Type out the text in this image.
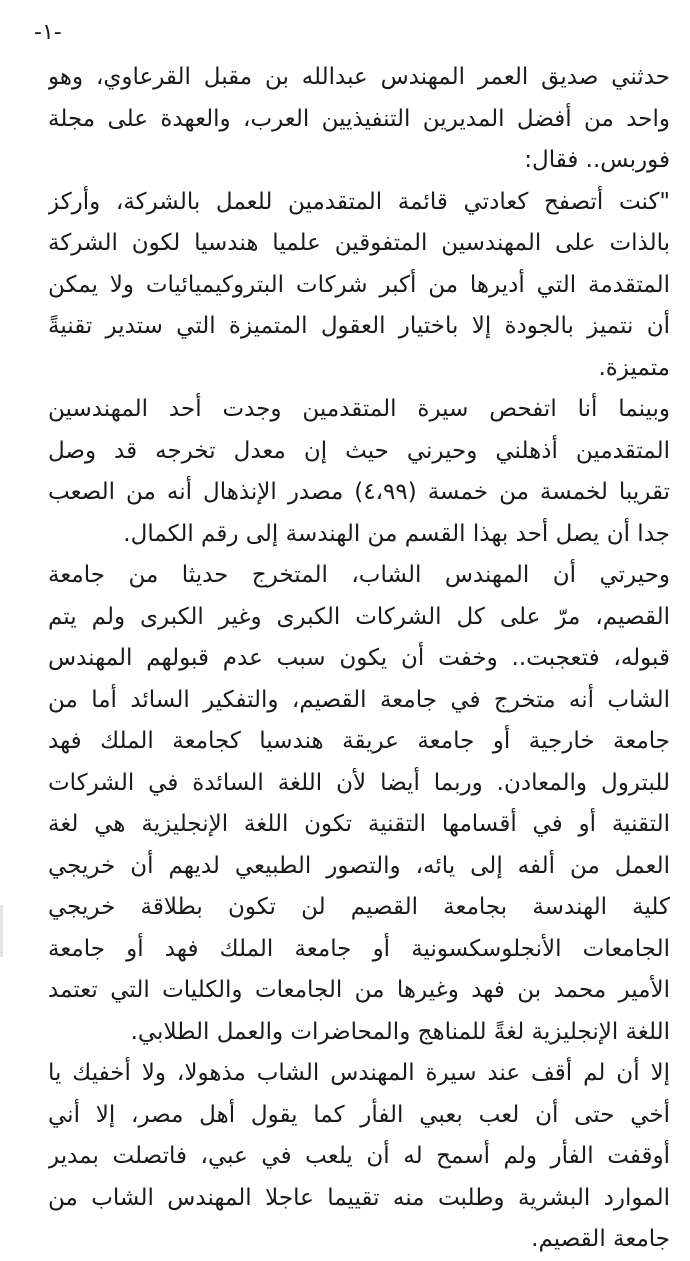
-١-
حدثني صديق العمر المهندس عبدالله بن مقبل القرعاوي، وهو
واحد من أفضل المديرين التنفيذيين العرب، والعهدة على مجلة
فوربس.. فقال:
"كنت أتصفح كعادتي قائمة المتقدمين للعمل بالشركة، وأركز
بالذات على المهندسين المتفوقين علميا هندسيا لكون الشركة
المتقدمة التي أديرها من أكبر شركات البتروكيميائيات ولا يمكن
أن نتميز بالجودة إلا باختيار العقول المتميزة التي ستدير تقنيةً
متميزة.
وبينما أنا اتفحص سيرة المتقدمين وجدت أحد المهندسين
المتقدمين أذهلني وحيرني حيث إن معدل تخرجه قد وصل
تقريبا لخمسة من خمسة (٤،٩٩) مصدر الإنذهال أنه من الصعب
جدا أن يصل أحد بهذا القسم من الهندسة إلى رقم الكمال.
وحيرتي أن المهندس الشاب، المتخرج حديثا من جامعة
القصيم، مرّ على كل الشركات الكبرى وغير الكبرى ولم يتم
قبوله، فتعجبت.. وخفت أن يكون سبب عدم قبولهم المهندس
الشاب أنه متخرج في جامعة القصيم، والتفكير السائد أما من
جامعة خارجية أو جامعة عريقة هندسيا كجامعة الملك فهد
للبترول والمعادن. وربما أيضا لأن اللغة السائدة في الشركات
التقنية أو في أقسامها التقنية تكون اللغة الإنجليزية هي لغة
العمل من ألفه إلى يائه، والتصور الطبيعي لديهم أن خريجي
كلية الهندسة بجامعة القصيم لن تكون بطلاقة خريجي
الجامعات الأنجلوسكسونية أو جامعة الملك فهد أو جامعة
الأمير محمد بن فهد وغيرها من الجامعات والكليات التي تعتمد
اللغة الإنجليزية لغةً للمناهج والمحاضرات والعمل الطلابي.
إلا أن لم أقف عند سيرة المهندس الشاب مذهولا، ولا أخفيك يا
أخي حتى أن لعب بعبي الفأر كما يقول أهل مصر، إلا أني
أوقفت الفأر ولم أسمح له أن يلعب في عبي، فاتصلت بمدير
الموارد البشرية وطلبت منه تقييما عاجلا المهندس الشاب من
جامعة القصيم.
